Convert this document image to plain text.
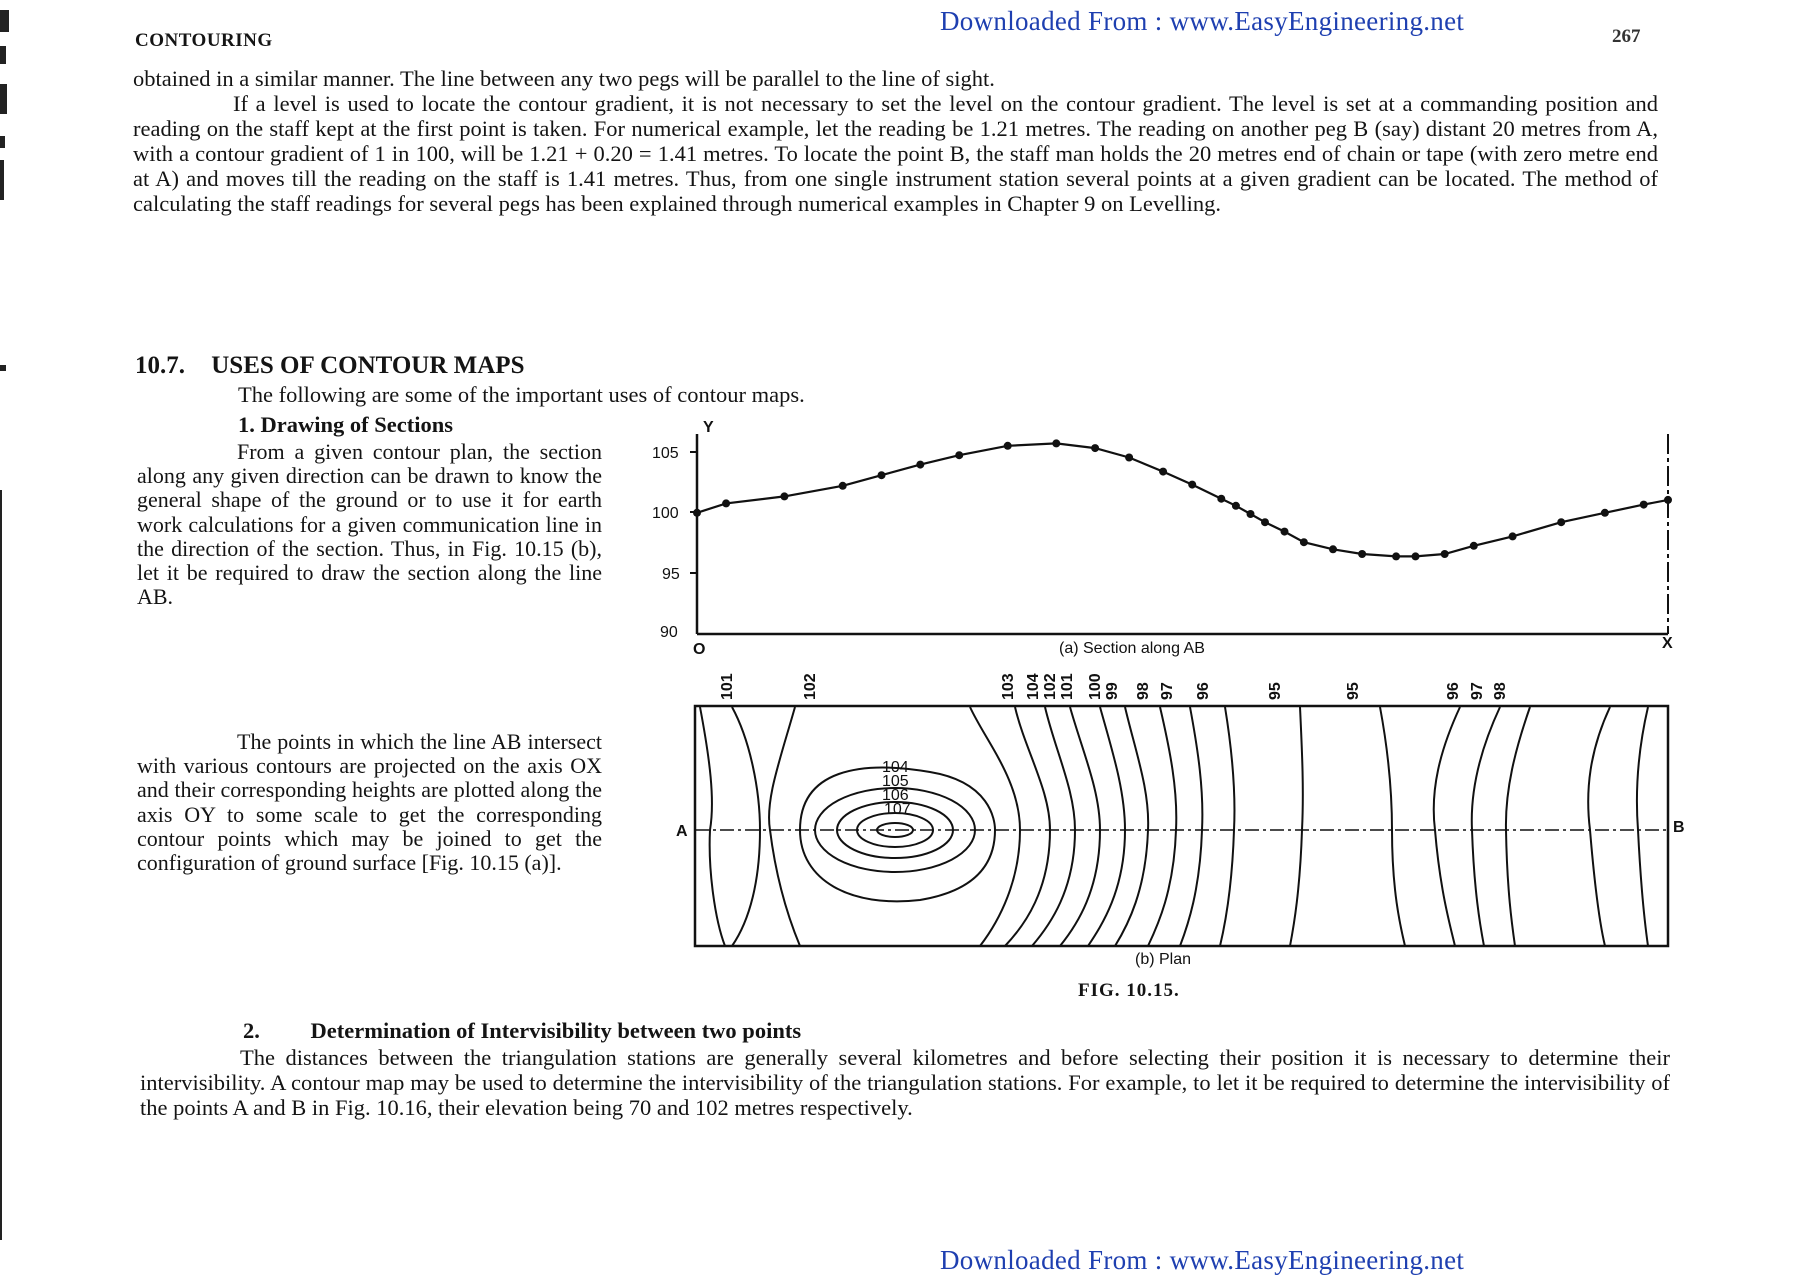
Downloaded From : www.EasyEngineering.net
CONTOURING	267
obtained in a similar manner. The line between any two pegs will be parallel to the line of sight.
If a level is used to locate the contour gradient, it is not necessary to set the level on the contour gradient. The level is set at a commanding position and reading on the staff kept at the first point is taken. For numerical example, let the reading be 1.21 metres. The reading on another peg B (say) distant 20 metres from A, with a contour gradient of 1 in 100, will be 1.21 + 0.20 = 1.41 metres. To locate the point B, the staff man holds the 20 metres end of chain or tape (with zero metre end at A) and moves till the reading on the staff is 1.41 metres. Thus, from one single instrument station several points at a given gradient can be located. The method of calculating the staff readings for several pegs has been explained through numerical examples in Chapter 9 on Levelling.
10.7. USES OF CONTOUR MAPS
The following are some of the important uses of contour maps.
1. Drawing of Sections

From a given contour plan, the section along any given direction can be drawn to know the general shape of the ground or to use it for earth work calculations for a given communication line in the direction of the section. Thus, in Fig. 10.15 (b), let it be required to draw the section along the line AB.

The points in which the line AB intersect with various contours are projected on the axis OX and their corresponding heights are plotted along the axis OY to some scale to get the corresponding contour points which may be joined to get the configuration of ground surface [Fig. 10.15 (a)].

105
100
95
90
Y
O	X
(a) Section along AB
101	102	103 104 102 101 100 99 98 97 96	95	95	96 97 98
A	B
104
105
106
107
(b) Plan
FIG. 10.15.
2. Determination of Intervisibility between two points

The distances between the triangulation stations are generally several kilometres and before selecting their position it is necessary to determine their intervisibility. A contour map may be used to determine the intervisibility of the triangulation stations. For example, to let it be required to determine the intervisibility of the points A and B in Fig. 10.16, their elevation being 70 and 102 metres respectively.

Downloaded From : www.EasyEngineering.net
